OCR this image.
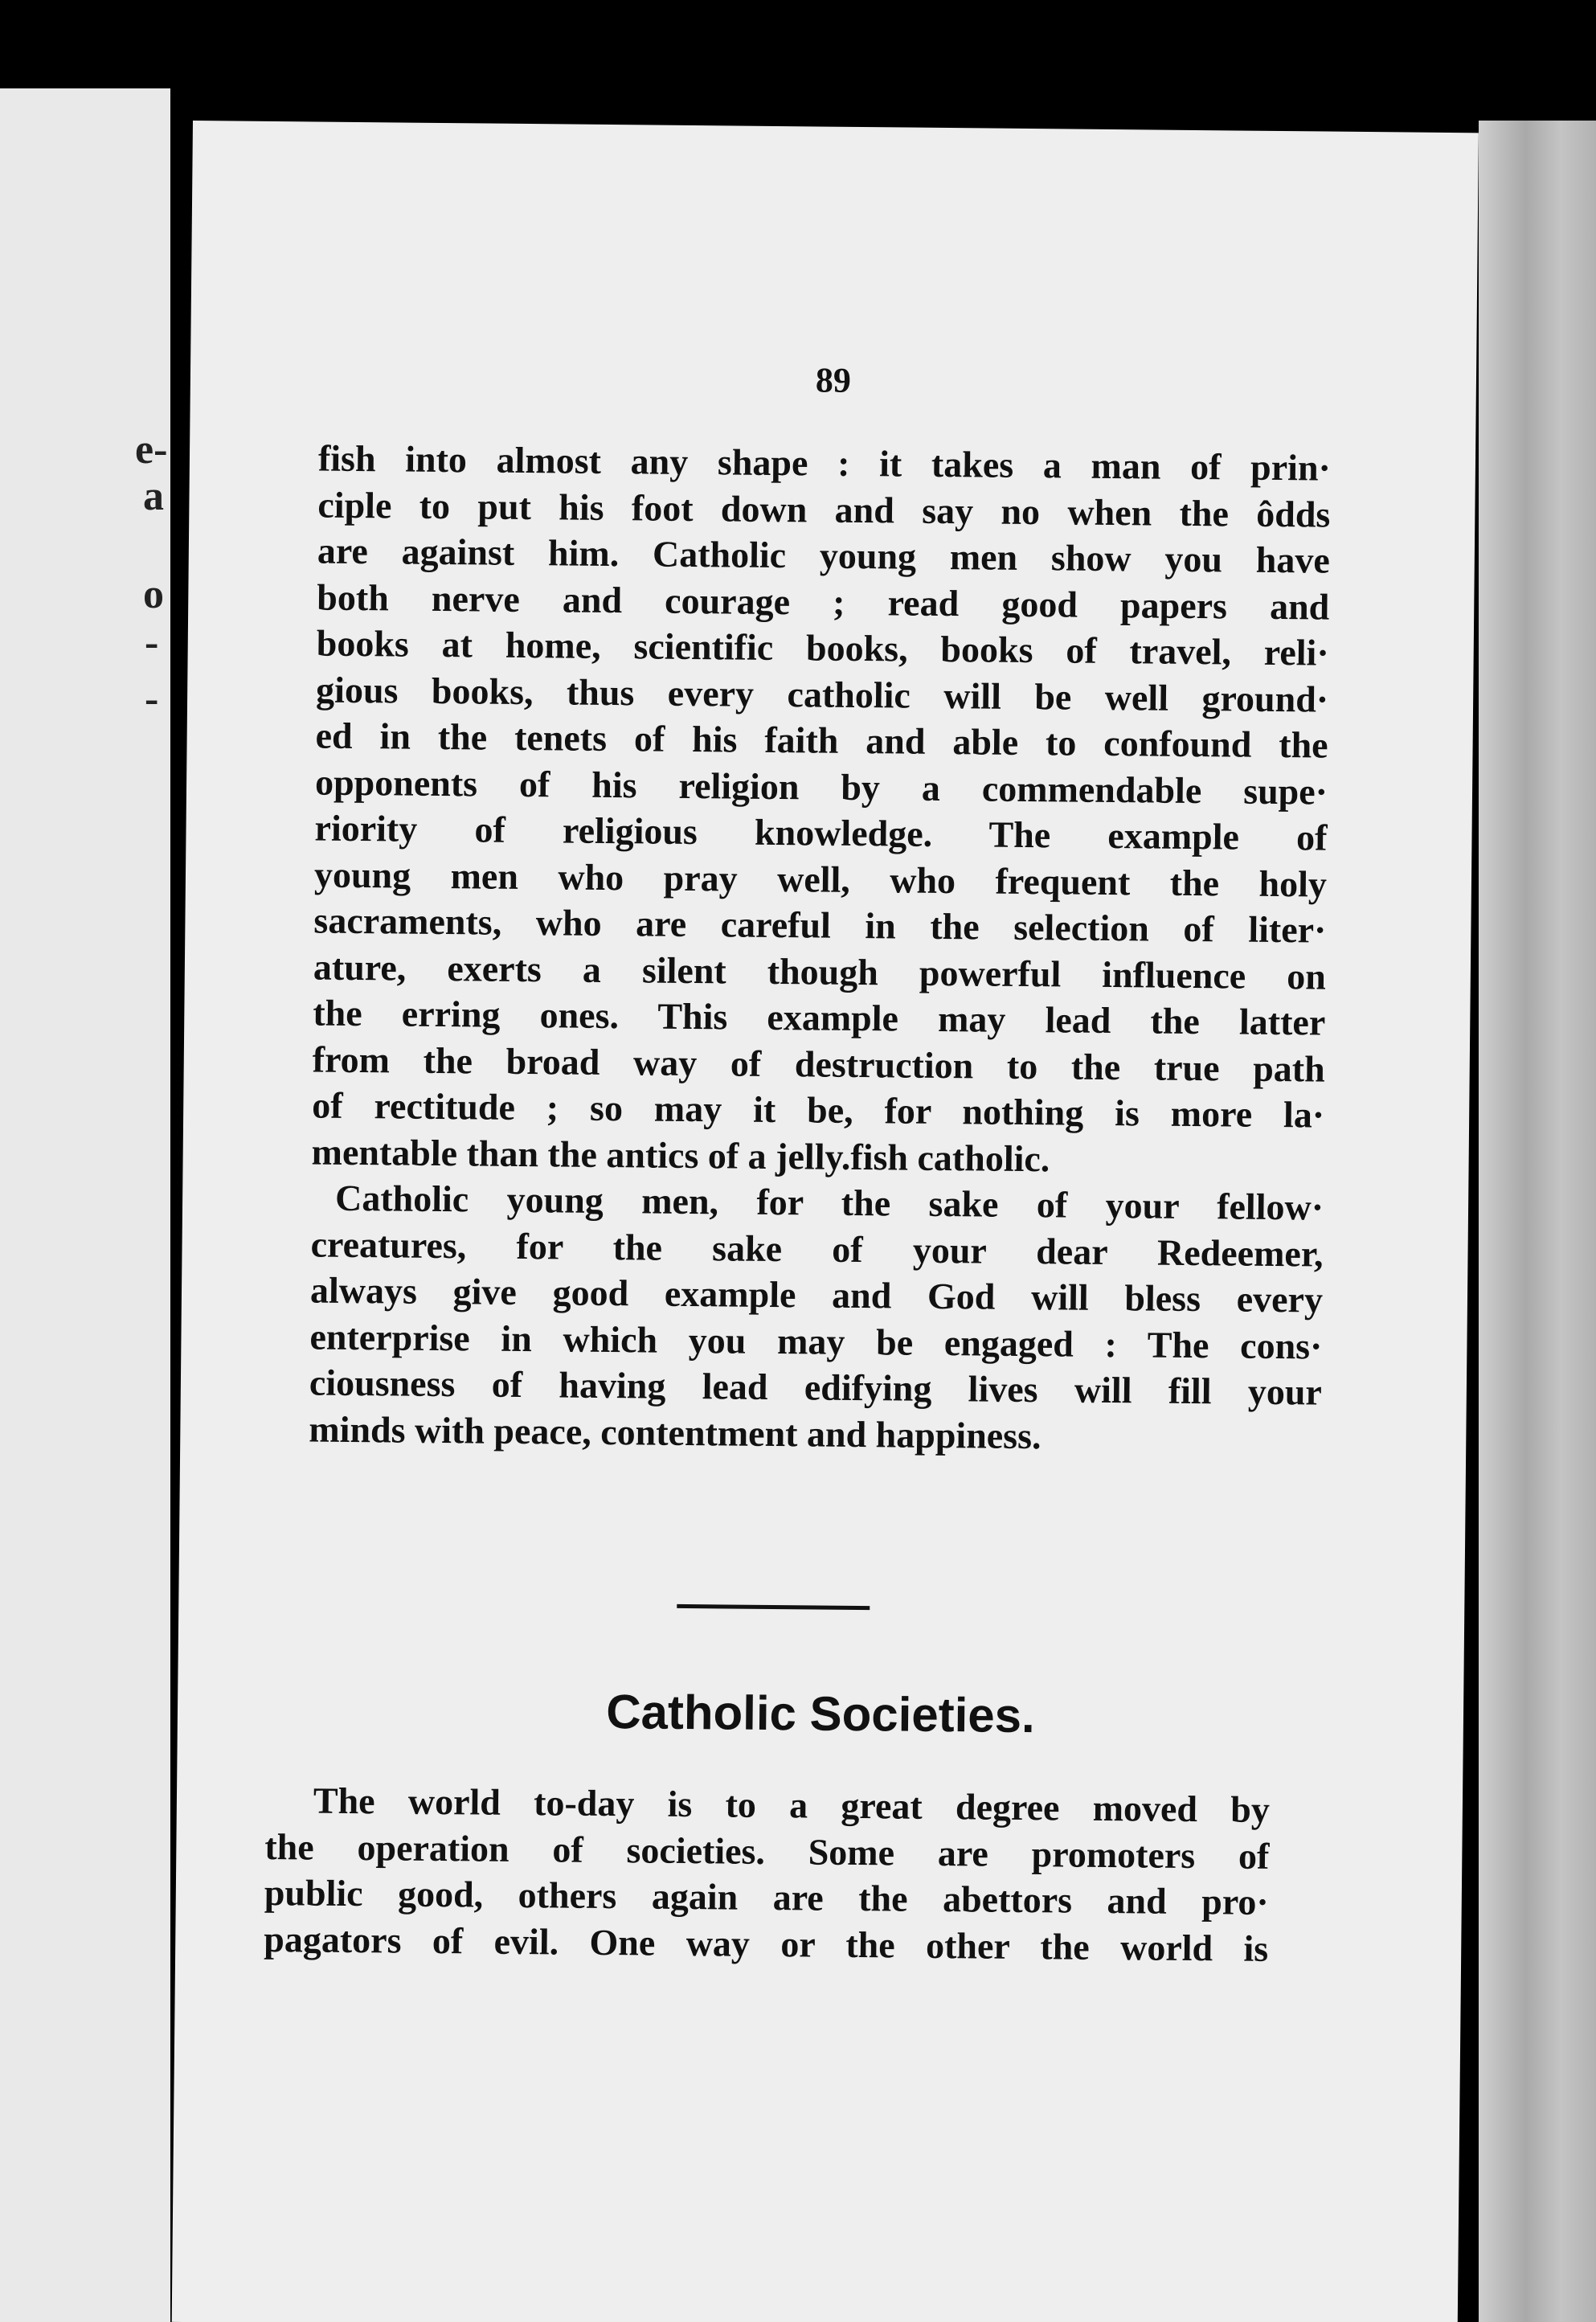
e-
a
o
-
-
89
fish into almost any shape : it takes a man of prin·
ciple to put his foot down and say no when the ôdds
are against him. Catholic young men show you have
both nerve and courage ; read good papers and
books at home, scientific books, books of travel, reli·
gious books, thus every catholic will be well ground·
ed in the tenets of his faith and able to confound the
opponents of his religion by a commendable supe·
riority of religious knowledge. The example of
young men who pray well, who frequent the holy
sacraments, who are careful in the selection of liter·
ature, exerts a silent though powerful influence on
the erring ones. This example may lead the latter
from the broad way of destruction to the true path
of rectitude ; so may it be, for nothing is more la·
mentable than the antics of a jelly.fish catholic.
Catholic young men, for the sake of your fellow·
creatures, for the sake of your dear Redeemer,
always give good example and God will bless every
enterprise in which you may be engaged : The cons·
ciousness of having lead edifying lives will fill your
minds with peace, contentment and happiness.
Catholic Societies.
The world to-day is to a great degree moved by
the operation of societies. Some are promoters of
public good, others again are the abettors and pro·
pagators of evil. One way or the other the world is
